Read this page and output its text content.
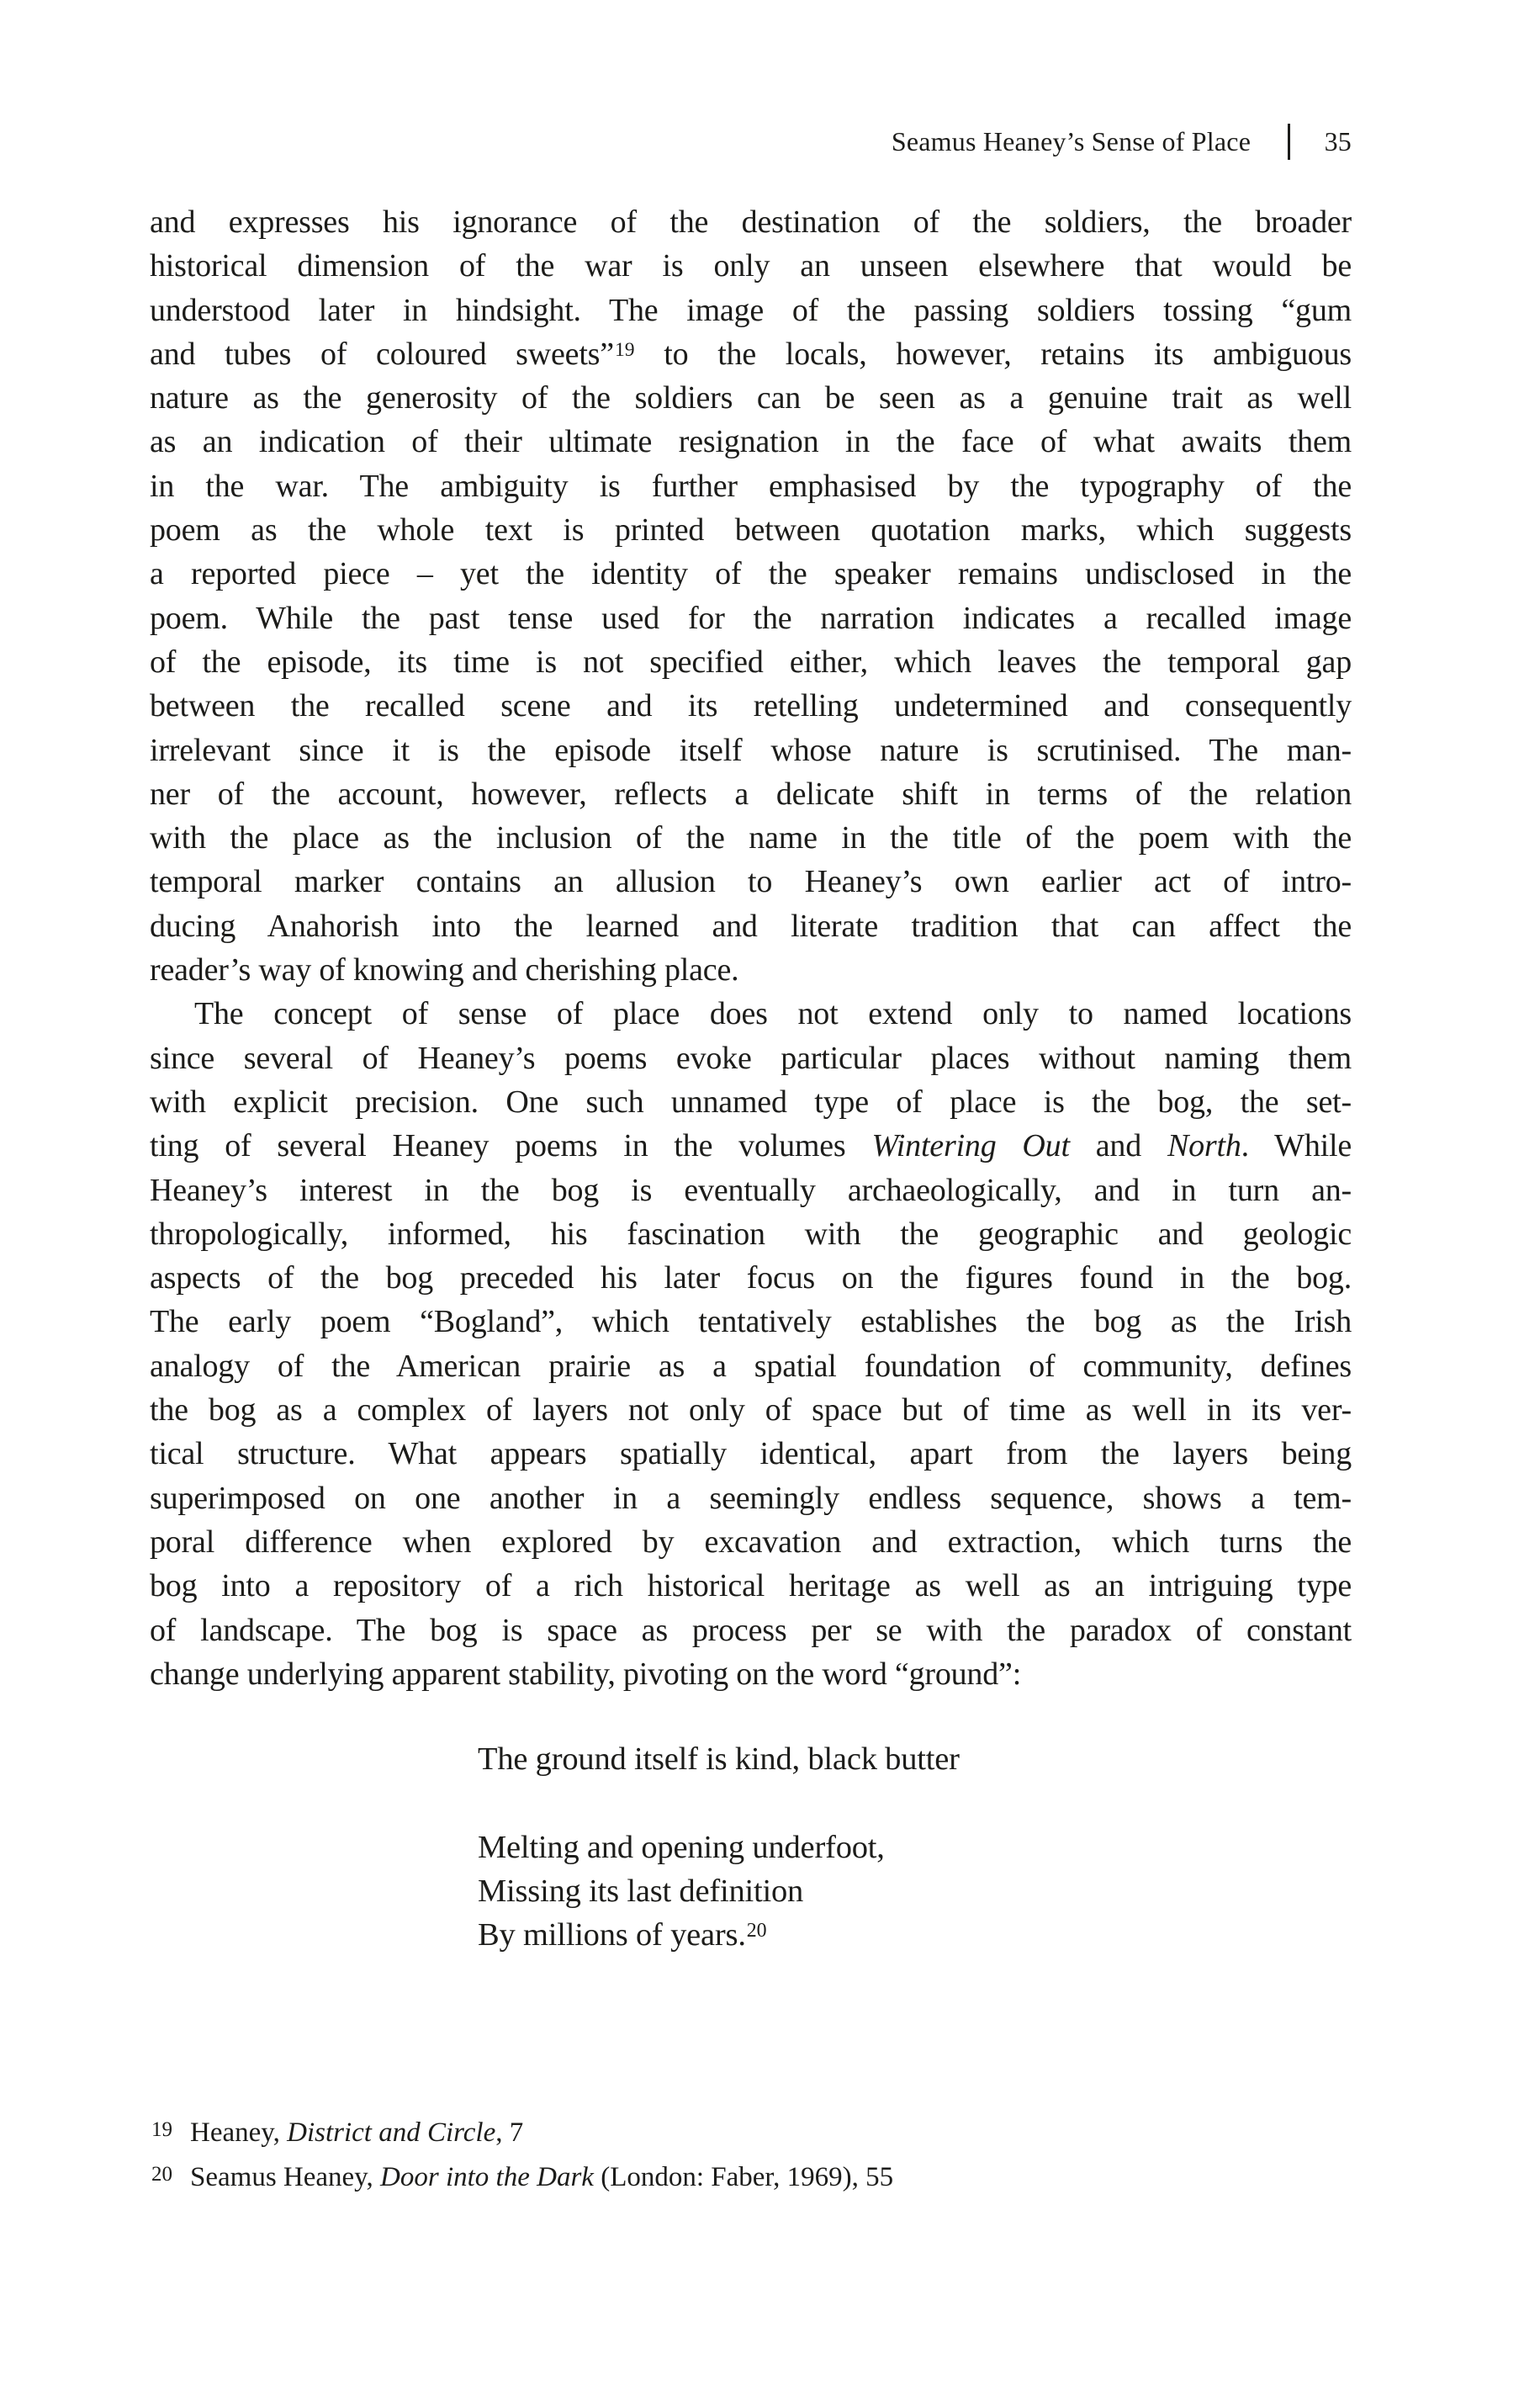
Seamus Heaney’s Sense of Place	35
and expresses his ignorance of the destination of the soldiers, the broader
historical dimension of the war is only an unseen elsewhere that would be
understood later in hindsight. The image of the passing soldiers tossing “gum
and tubes of coloured sweets”$^{19}$ to the locals, however, retains its ambiguous
nature as the generosity of the soldiers can be seen as a genuine trait as well
as an indication of their ultimate resignation in the face of what awaits them
in the war. The ambiguity is further emphasised by the typography of the
poem as the whole text is printed between quotation marks, which suggests
a reported piece – yet the identity of the speaker remains undisclosed in the
poem. While the past tense used for the narration indicates a recalled image
of the episode, its time is not specified either, which leaves the temporal gap
between the recalled scene and its retelling undetermined and consequently
irrelevant since it is the episode itself whose nature is scrutinised. The man-
ner of the account, however, reflects a delicate shift in terms of the relation
with the place as the inclusion of the name in the title of the poem with the
temporal marker contains an allusion to Heaney’s own earlier act of intro-
ducing Anahorish into the learned and literate tradition that can affect the
reader’s way of knowing and cherishing place.
The concept of sense of place does not extend only to named locations
since several of Heaney’s poems evoke particular places without naming them
with explicit precision. One such unnamed type of place is the bog, the set-
ting of several Heaney poems in the volumes Wintering Out and North. While
Heaney’s interest in the bog is eventually archaeologically, and in turn an-
thropologically, informed, his fascination with the geographic and geologic
aspects of the bog preceded his later focus on the figures found in the bog.
The early poem “Bogland”, which tentatively establishes the bog as the Irish
analogy of the American prairie as a spatial foundation of community, defines
the bog as a complex of layers not only of space but of time as well in its ver-
tical structure. What appears spatially identical, apart from the layers being
superimposed on one another in a seemingly endless sequence, shows a tem-
poral difference when explored by excavation and extraction, which turns the
bog into a repository of a rich historical heritage as well as an intriguing type
of landscape. The bog is space as process per se with the paradox of constant
change underlying apparent stability, pivoting on the word “ground”:
The ground itself is kind, black butter

Melting and opening underfoot,
Missing its last definition
By millions of years.$^{20}$
19 Heaney, District and Circle, 7
20 Seamus Heaney, Door into the Dark (London: Faber, 1969), 55
